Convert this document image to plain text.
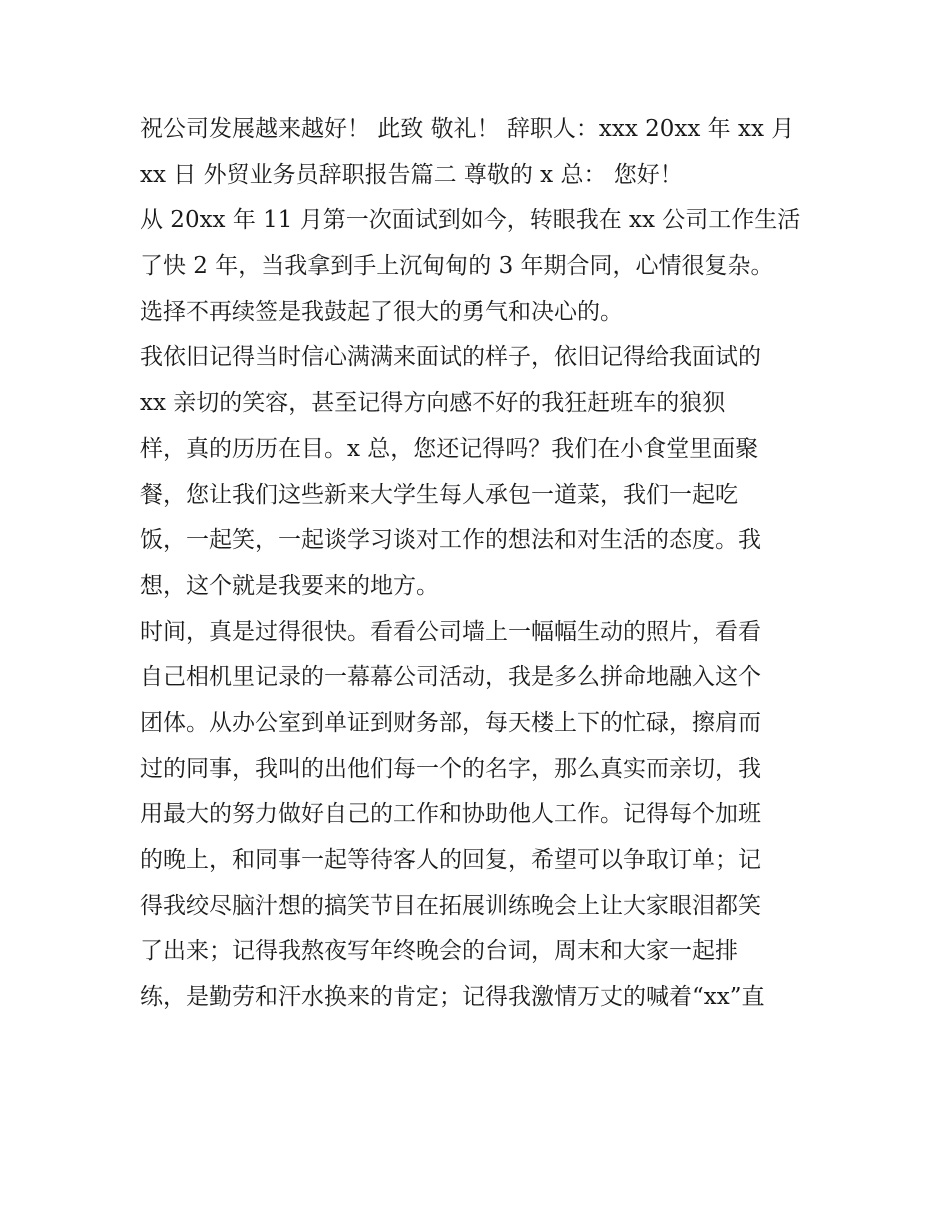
祝公司发展越来越好！ 此致 敬礼！ 辞职人：xxx 20xx 年 xx 月
xx 日 外贸业务员辞职报告篇二 尊敬的 x 总： 您好！
从 20xx 年 11 月第一次面试到如今，转眼我在 xx 公司工作生活
了快 2 年，当我拿到手上沉甸甸的 3 年期合同，心情很复杂。
选择不再续签是我鼓起了很大的勇气和决心的。
我依旧记得当时信心满满来面试的样子，依旧记得给我面试的
xx 亲切的笑容，甚至记得方向感不好的我狂赶班车的狼狈
样，真的历历在目。x 总，您还记得吗？我们在小食堂里面聚
餐，您让我们这些新来大学生每人承包一道菜，我们一起吃
饭，一起笑，一起谈学习谈对工作的想法和对生活的态度。我
想，这个就是我要来的地方。
时间，真是过得很快。看看公司墙上一幅幅生动的照片，看看
自己相机里记录的一幕幕公司活动，我是多么拼命地融入这个
团体。从办公室到单证到财务部，每天楼上下的忙碌，擦肩而
过的同事，我叫的出他们每一个的名字，那么真实而亲切，我
用最大的努力做好自己的工作和协助他人工作。记得每个加班
的晚上，和同事一起等待客人的回复，希望可以争取订单；记
得我绞尽脑汁想的搞笑节目在拓展训练晚会上让大家眼泪都笑
了出来；记得我熬夜写年终晚会的台词，周末和大家一起排
练，是勤劳和汗水换来的肯定；记得我激情万丈的喊着“xx”直
